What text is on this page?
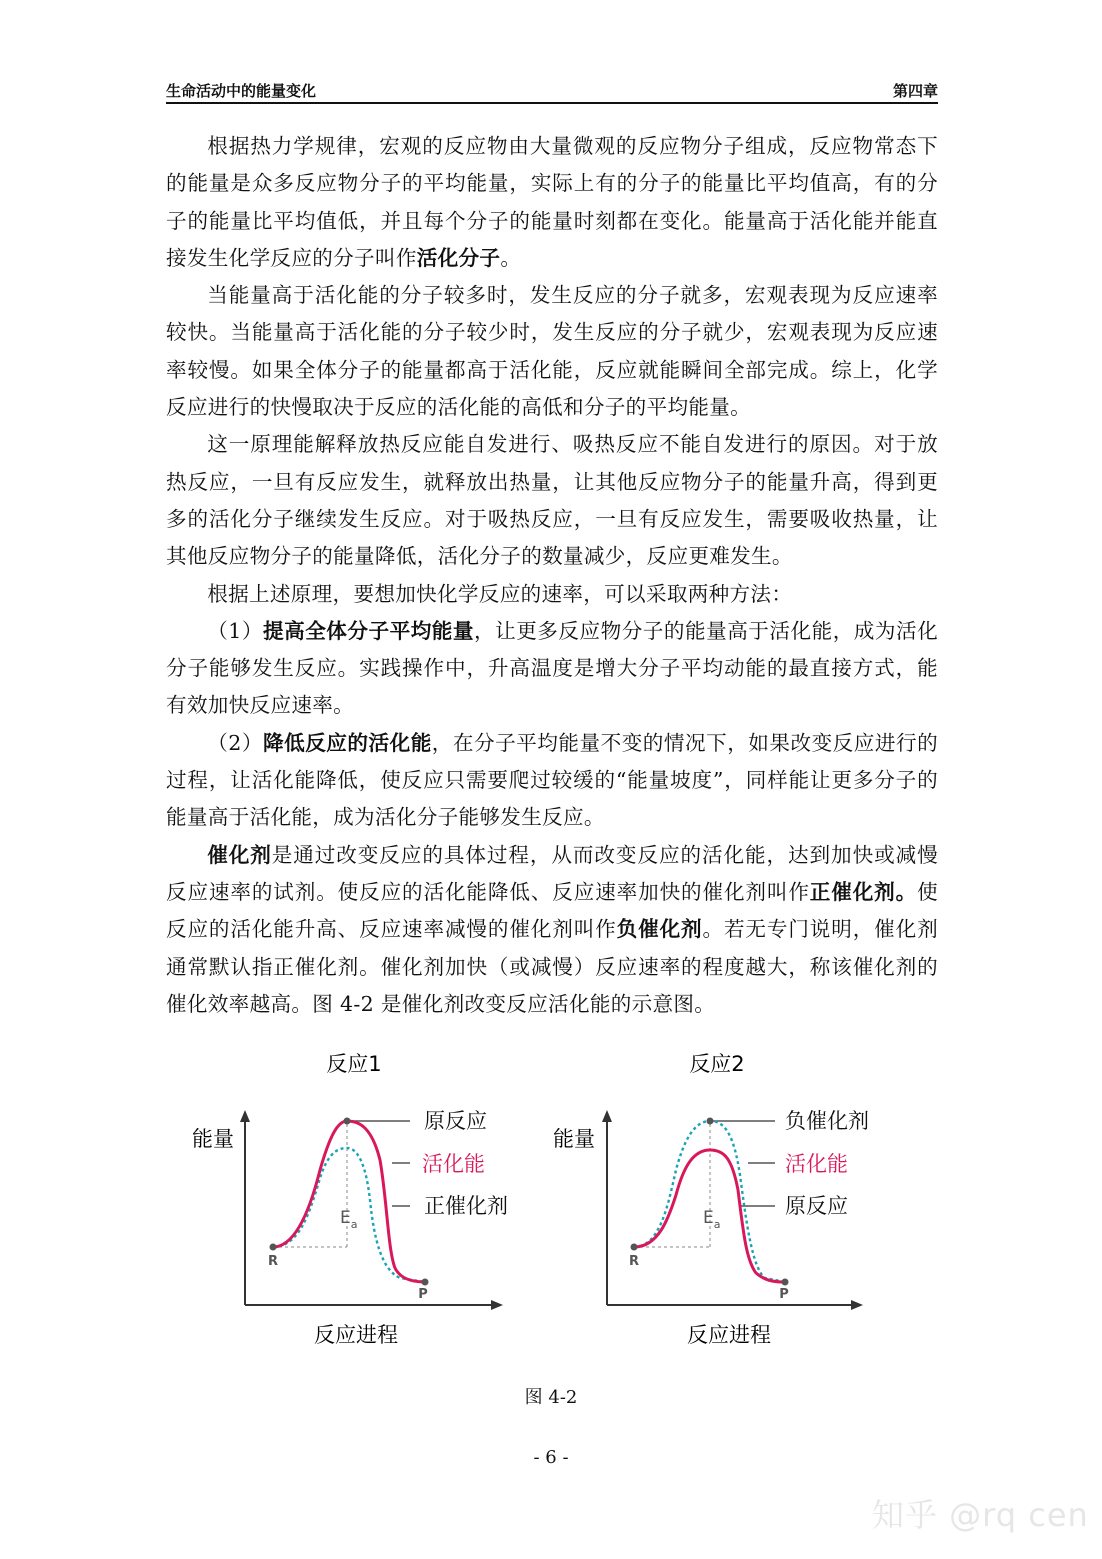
生命活动中的能量变化	第四章

根据热力学规律，宏观的反应物由大量微观的反应物分子组成，反应物常态下的能量是众多反应物分子的平均能量，实际上有的分子的能量比平均值高，有的分子的能量比平均值低，并且每个分子的能量时刻都在变化。能量高于活化能并能直接发生化学反应的分子叫作活化分子。

当能量高于活化能的分子较多时，发生反应的分子就多，宏观表现为反应速率较快。当能量高于活化能的分子较少时，发生反应的分子就少，宏观表现为反应速率较慢。如果全体分子的能量都高于活化能，反应就能瞬间全部完成。综上，化学反应进行的快慢取决于反应的活化能的高低和分子的平均能量。

这一原理能解释放热反应能自发进行、吸热反应不能自发进行的原因。对于放热反应，一旦有反应发生，就释放出热量，让其他反应物分子的能量升高，得到更多的活化分子继续发生反应。对于吸热反应，一旦有反应发生，需要吸收热量，让其他反应物分子的能量降低，活化分子的数量减少，反应更难发生。

根据上述原理，要想加快化学反应的速率，可以采取两种方法：

（1）提高全体分子平均能量，让更多反应物分子的能量高于活化能，成为活化分子能够发生反应。实践操作中，升高温度是增大分子平均动能的最直接方式，能有效加快反应速率。

（2）降低反应的活化能，在分子平均能量不变的情况下，如果改变反应进行的过程，让活化能降低，使反应只需要爬过较缓的“能量坡度”，同样能让更多分子的能量高于活化能，成为活化分子能够发生反应。

催化剂是通过改变反应的具体过程，从而改变反应的活化能，达到加快或减慢反应速率的试剂。使反应的活化能降低、反应速率加快的催化剂叫作正催化剂。使反应的活化能升高、反应速率减慢的催化剂叫作负催化剂。若无专门说明，催化剂通常默认指正催化剂。催化剂加快（或减慢）反应速率的程度越大，称该催化剂的催化效率越高。图 4-2 是催化剂改变反应活化能的示意图。

反应1
能量
反应进程
R
P
$E_a$
原反应
活化能
正催化剂
反应2
能量
反应进程
R
P
$E_a$
负催化剂
活化能
原反应
图 4-2
- 6 -
知乎 @rq cen
